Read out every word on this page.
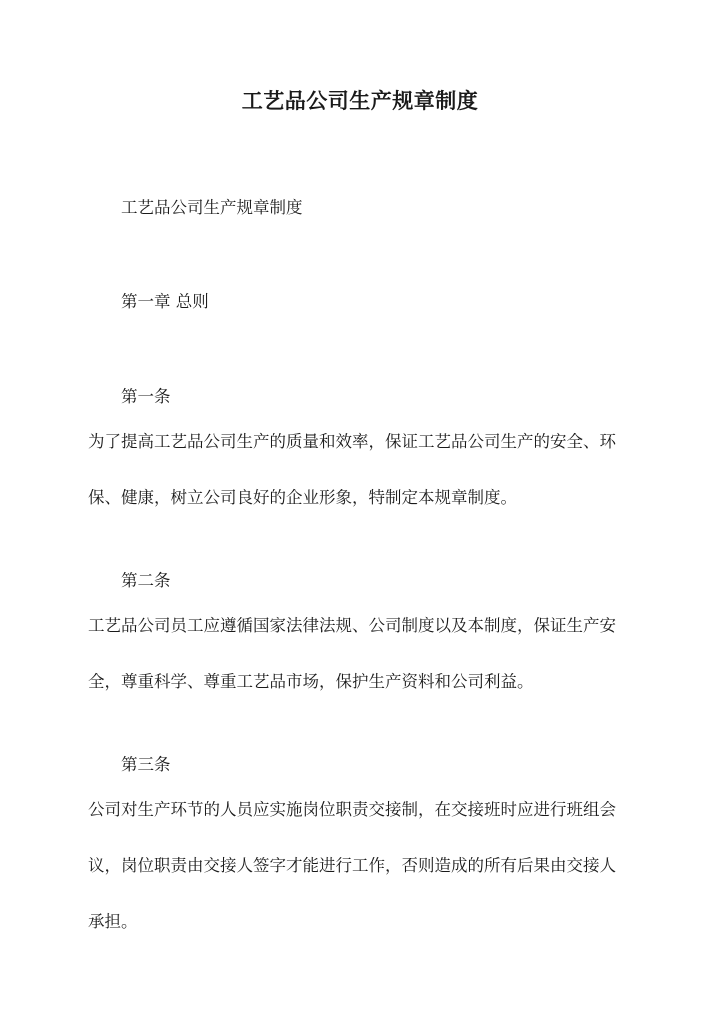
工艺品公司生产规章制度
工艺品公司生产规章制度
第一章 总则
第一条

为了提高工艺品公司生产的质量和效率，保证工艺品公司生产的安全、环

保、健康，树立公司良好的企业形象，特制定本规章制度。

第二条

工艺品公司员工应遵循国家法律法规、公司制度以及本制度，保证生产安

全，尊重科学、尊重工艺品市场，保护生产资料和公司利益。

第三条

公司对生产环节的人员应实施岗位职责交接制，在交接班时应进行班组会

议，岗位职责由交接人签字才能进行工作，否则造成的所有后果由交接人

承担。
